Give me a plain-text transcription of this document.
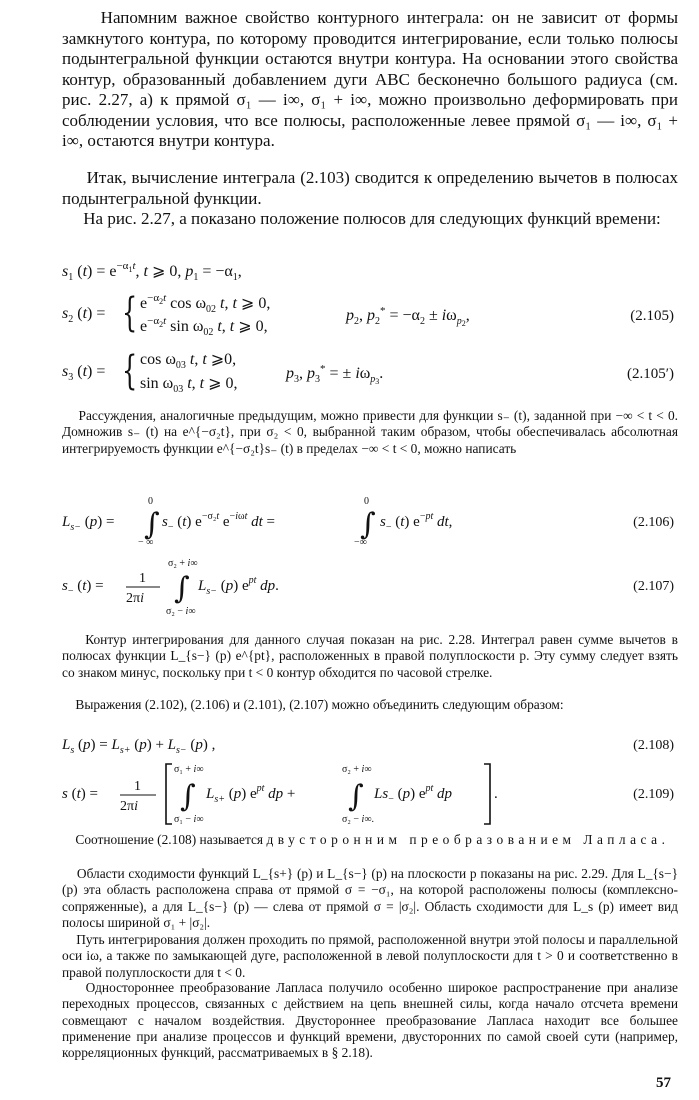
Напомним важное свойство контурного интеграла: он не зависит от формы замкнутого контура, по которому проводится интегрирование, если только полюсы подынтегральной функции остаются внутри контура. На основании этого свойства контур, образованный добавлением дуги ABC бесконечно большого радиуса (см. рис. 2.27, а) к прямой σ₁ — i∞, σ₁ + i∞, можно произвольно деформировать при соблюдении условия, что все полюсы, расположенные левее прямой σ₁ — i∞, σ₁ + i∞, остаются внутри контура.

Итак, вычисление интеграла (2.103) сводится к определению вычетов в полюсах подынтегральной функции.

На рис. 2.27, а показано положение полюсов для следующих функций времени:

$s_1$ $(t) = e^{-\alpha}1t$, t ⩾ 0, $p_1 = -\alpha_1$,
$s_2$ (t) = { $e^{-\alpha}2t$ $\cos \omega_{02}$ t, t ⩾ 0,
$e^{-\alpha}2t$ $\sin \omega_{02}$ t, t ⩾ 0,
$p_2$, $p_2^* = -\alpha_2 \pm i\omega_p2$,	(2.105)
$s_3$ (t) = { $\cos \omega_{03}$ t, t ⩾0,
$\sin \omega_{03}$ t, t ⩾ 0,
$p_3$, $p_3^*$ = ± $i\omega_p3$.	(2.105′)

Рассуждения, аналогичные предыдущим, можно привести для функции s₋ (t), заданной при −∞ < t < 0. Домножив s₋ (t) на e^{−σ₂t}, при σ₂ < 0, выбранной таким образом, чтобы обеспечивалась абсолютная интегрируемость функции e^{−σ₂t}s₋ (t) в пределах −∞ < t < 0, можно написать

$L_{s-}$ (p) =
0
∫
− ∞
$s_-$ (t) $e^{-\sigma_2t}$ $e^{-i\omega t}$ dt =
0
∫
−∞
$s_-$ (t) $e^{-pt}$ dt,	(2.106)
$s_-$ (t) =	1
2πi
σ₂ + i∞
∫
σ₂ − i∞
$L_{s-}$ (p) $e^{pt}$ dp.	(2.107)

Контур интегрирования для данного случая показан на рис. 2.28. Интеграл равен сумме вычетов в полюсах функции L_{s−} (p) e^{pt}, расположенных в правой полуплоскости p. Эту сумму следует взять со знаком минус, поскольку при t < 0 контур обходится по часовой стрелке.

Выражения (2.102), (2.106) и (2.101), (2.107) можно объединить следующим образом:

$L_s$ $(p) = L_{s+}$ $(p) + L_{s-}$ (p) ,	(2.108)
s (t) =	1
2πi
σ₁ + i∞
∫
σ₁ − i∞
$L_{s+}$ (p) $e^{pt}$ dp +
σ₂ + i∞
∫
σ₂ − i∞.
$Ls_-$ (p) $e^{pt}$ dp	.	(2.109)

Соотношение (2.108) называется двусторонним преобразованием Лапласа.

Области сходимости функций L_{s+} (p) и L_{s−} (p) на плоскости p показаны на рис. 2.29. Для L_{s−} (p) эта область расположена справа от прямой σ = −σ₁, на которой расположены полюсы (комплексно-сопряженные), а для L_{s−} (p) — слева от прямой σ = |σ₂|. Область сходимости для L_s (p) имеет вид полосы шириной σ₁ + |σ₂|.

Путь интегрирования должен проходить по прямой, расположенной внутри этой полосы и параллельной оси iω, а также по замыкающей дуге, расположенной в левой полуплоскости для t > 0 и соответственно в правой полуплоскости для t < 0.

Одностороннее преобразование Лапласа получило особенно широкое распространение при анализе переходных процессов, связанных с действием на цепь внешней силы, когда начало отсчета времени совмещают с началом воздействия. Двустороннее преобразование Лапласа находит все большее применение при анализе процессов и функций времени, двусторонних по самой своей сути (например, корреляционных функций, рассматриваемых в § 2.18).

57
